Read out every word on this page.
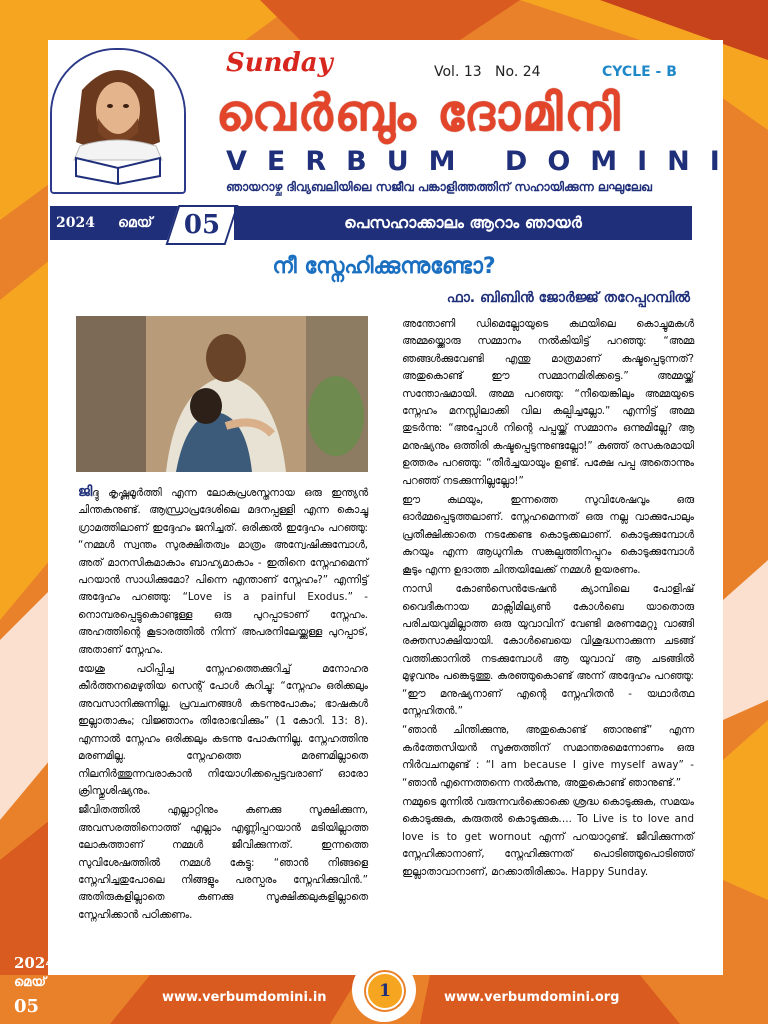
Sunday	Vol. 13 No. 24	CYCLE - B
വെർബും ദോമിനി
VERBUM DOMINI
ഞായറാഴ്ച ദിവ്യബലിയിലെ സജീവ പങ്കാളിത്തത്തിന് സഹായിക്കുന്ന ലഘുലേഖ
2024 മെയ്	05	പെസഹാക്കാലം ആറാം ഞായർ
നീ സ്നേഹിക്കുന്നുണ്ടോ?
ഫാ. ബിബിൻ ജോർജ്ജ് തറേപ്പറമ്പിൽ

ജിദ്ദു കൃഷ്ണമൂർത്തി എന്ന ലോകപ്രശസ്തനായ ഒരു ഇന്ത്യൻ ചിന്തകനുണ്ട്. ആന്ധ്രാപ്രദേശിലെ മദനപ്പള്ളി എന്ന കൊച്ചു ഗ്രാമത്തിലാണ് ഇദ്ദേഹം ജനിച്ചത്. ഒരിക്കൽ ഇദ്ദേഹം പറഞ്ഞു: “നമ്മൾ സ്വന്തം സുരക്ഷിതത്വം മാത്രം അന്വേഷിക്കുമ്പോൾ, അത് മാനസികമാകാം ബാഹ്യമാകാം - ഇതിനെ സ്നേഹമെന്ന് പറയാൻ സാധിക്കുമോ? പിന്നെ എന്താണ് സ്നേഹം?” എന്നിട്ട് അദ്ദേഹം പറഞ്ഞു: “Love is a painful Exodus.” - നൊമ്പരപ്പെട്ടുകൊണ്ടുള്ള ഒരു പുറപ്പാടാണ് സ്നേഹം. അഹത്തിന്റെ കൂടാരത്തിൽ നിന്ന് അപരനിലേയ്ക്കുള്ള പുറപ്പാട്, അതാണ് സ്നേഹം.

യേശു പഠിപ്പിച്ച സ്നേഹത്തെക്കുറിച്ച് മനോഹര കീർത്തനമെഴുതിയ സെന്റ് പോൾ കുറിച്ചു: “സ്നേഹം ഒരിക്കലും അവസാനിക്കുന്നില്ല. പ്രവചനങ്ങൾ കടന്നുപോകും; ഭാഷകൾ ഇല്ലാതാകും; വിജ്ഞാനം തിരോഭവിക്കും” (1 കോറി. 13: 8). എന്നാൽ സ്നേഹം ഒരിക്കലും കടന്നു പോകുന്നില്ല. സ്നേഹത്തിനു മരണമില്ല. സ്നേഹത്തെ മരണമില്ലാതെ നിലനിർത്തുന്നവരാകാൻ നിയോഗിക്കപ്പെട്ടവരാണ് ഓരോ ക്രിസ്തുശിഷ്യനും.

ജീവിതത്തിൽ എല്ലാറ്റിനും കണക്കു സൂക്ഷിക്കുന്ന, അവസരത്തിനൊത്ത് എല്ലാം എണ്ണിപ്പറയാൻ മടിയില്ലാത്ത ലോകത്താണ് നമ്മൾ ജീവിക്കുന്നത്. ഇന്നത്തെ സുവിശേഷത്തിൽ നമ്മൾ കേട്ടു: “ഞാൻ നിങ്ങളെ സ്നേഹിച്ചതുപോലെ നിങ്ങളും പരസ്പരം സ്നേഹിക്കുവിൻ.” അതിരുകളില്ലാതെ കണക്കു സൂക്ഷിക്കലുകളില്ലാതെ സ്നേഹിക്കാൻ പഠിക്കണം.

അന്തോണി ഡിമെല്ലോയുടെ കഥയിലെ കൊച്ചുമകൾ അമ്മയ്ക്കൊരു സമ്മാനം നൽകിയിട്ട് പറഞ്ഞു: “അമ്മ ഞങ്ങൾക്കുവേണ്ടി എന്തു മാത്രമാണ് കഷ്ടപ്പെടുന്നത്? അതുകൊണ്ട് ഈ സമ്മാനമിരിക്കട്ടെ.” അമ്മയ്ക്ക് സന്തോഷമായി. അമ്മ പറഞ്ഞു: “നീയെങ്കിലും അമ്മയുടെ സ്നേഹം മനസ്സിലാക്കി വില കല്പിച്ചല്ലോ.” എന്നിട്ട് അമ്മ തുടർന്നു: “അപ്പോൾ നിന്റെ പപ്പയ്ക്ക് സമ്മാനം ഒന്നുമില്ലേ? ആ മനുഷ്യനും ഒത്തിരി കഷ്ടപ്പെടുന്നുണ്ടല്ലോ!” കുഞ്ഞ് രസകരമായി ഉത്തരം പറഞ്ഞു: “തീർച്ചയായും ഉണ്ട്. പക്ഷേ പപ്പ അതൊന്നും പറഞ്ഞ് നടക്കുന്നില്ലല്ലോ!”

ഈ കഥയും, ഇന്നത്തെ സുവിശേഷവും ഒരു ഓർമ്മപ്പെടുത്തലാണ്. സ്നേഹമെന്നത് ഒരു നല്ല വാക്കുപോലും പ്രതീക്ഷിക്കാതെ നടക്കേണ്ട കൊടുക്കലാണ്. കൊടുക്കുമ്പോൾ കുറയും എന്ന ആധുനിക സങ്കല്പത്തിനപ്പുറം കൊടുക്കുമ്പോൾ കൂടും എന്ന ഉദാത്ത ചിന്തയിലേക്ക് നമ്മൾ ഉയരണം.

നാസി കോൺസെൻട്രേഷൻ ക്യാമ്പിലെ പോളിഷ് വൈദീകനായ മാക്സിമില്യൺ കോൾബെ യാതൊരു പരിചയവുമില്ലാത്ത ഒരു യുവാവിന് വേണ്ടി മരണമേറ്റു വാങ്ങി രക്തസാക്ഷിയായി. കോൾബെയെ വിശുദ്ധനാക്കുന്ന ചടങ്ങ് വത്തിക്കാനിൽ നടക്കുമ്പോൾ ആ യുവാവ് ആ ചടങ്ങിൽ മുഴുവനും പങ്കെടുത്തു. കരഞ്ഞുകൊണ്ട് അന്ന് അദ്ദേഹം പറഞ്ഞു: “ഈ മനുഷ്യനാണ് എന്റെ സ്നേഹിതൻ - യഥാർത്ഥ സ്നേഹിതൻ.”

“ഞാൻ ചിന്തിക്കുന്നു, അതുകൊണ്ട് ഞാനുണ്ട്” എന്ന കർത്തേസിയൻ സൂക്തത്തിന് സമാന്തരമെന്നോണം ഒരു നിർവചനമുണ്ട് : “I am because I give myself away” - “ഞാൻ എന്നെത്തന്നെ നൽകുന്നു, അതുകൊണ്ട് ഞാനുണ്ട്.”

നമ്മുടെ മുന്നിൽ വരുന്നവർക്കൊക്കെ ശ്രദ്ധ കൊടുക്കുക, സമയം കൊടുക്കുക, കരുതൽ കൊടുക്കുക…. To Live is to love and love is to get wornout എന്ന് പറയാറുണ്ട്. ജീവിക്കുന്നത് സ്നേഹിക്കാനാണ്, സ്നേഹിക്കുന്നത് പൊടിഞ്ഞുപൊടിഞ്ഞ് ഇല്ലാതാവാനാണ്, മറക്കാതിരിക്കാം. Happy Sunday.

2024
മെയ്
05	www.verbumdomini.in	www.verbumdomini.org
1
